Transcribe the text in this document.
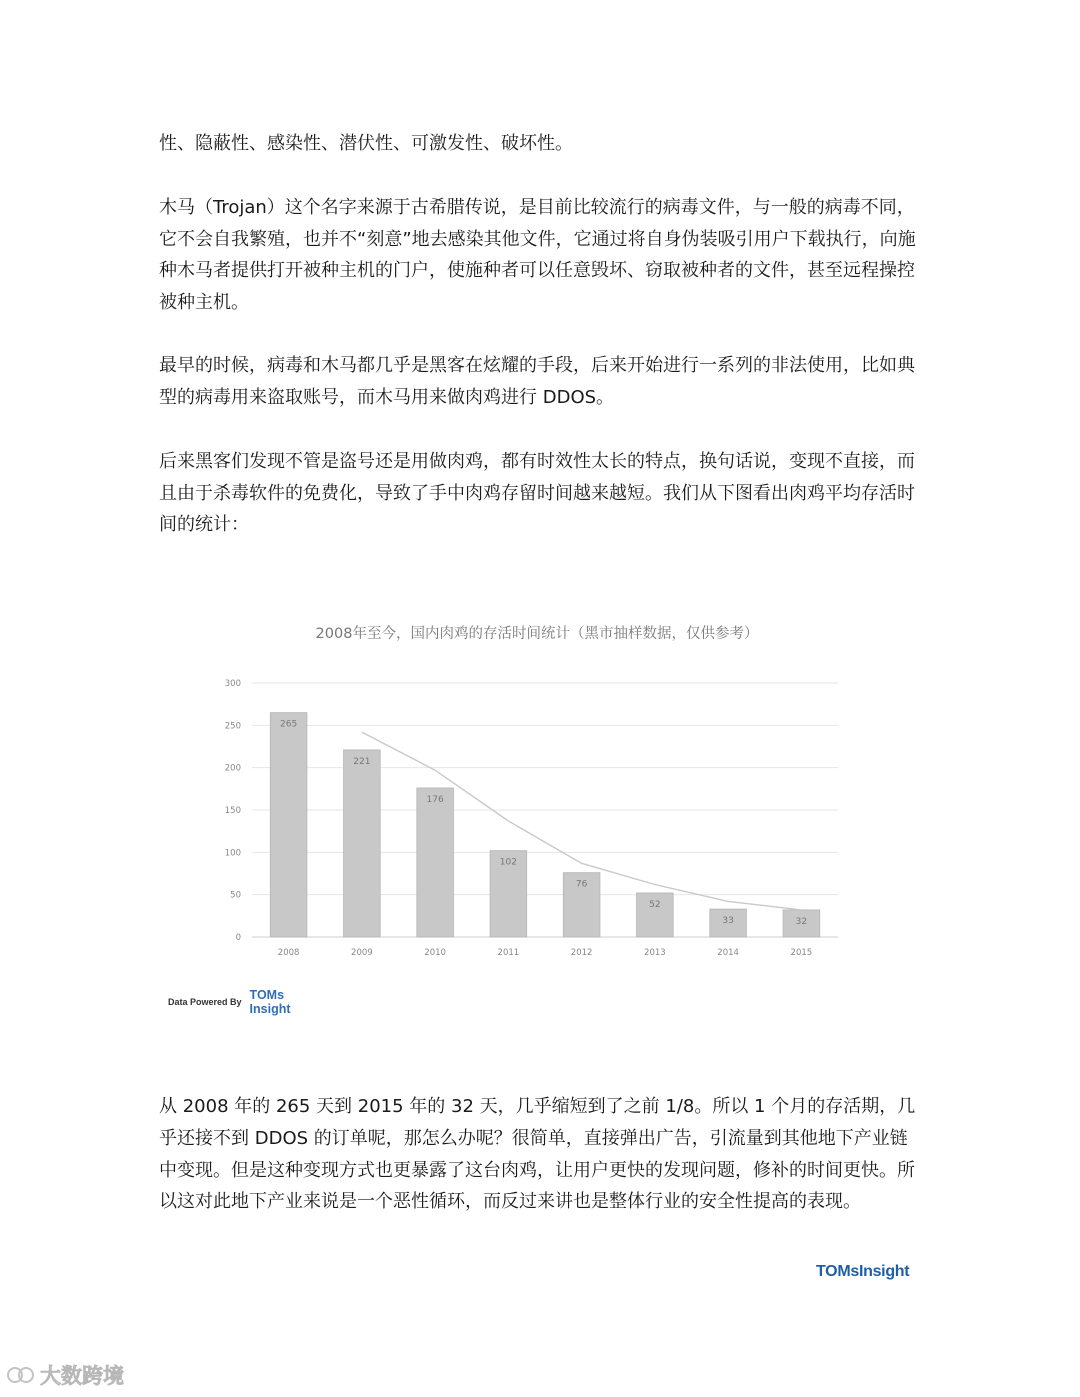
性、隐蔽性、感染性、潜伏性、可激发性、破坏性。

木马（Trojan）这个名字来源于古希腊传说，是目前比较流行的病毒文件，与一般的病毒不同，它不会自我繁殖，也并不“刻意”地去感染其他文件，它通过将自身伪装吸引用户下载执行，向施种木马者提供打开被种主机的门户，使施种者可以任意毁坏、窃取被种者的文件，甚至远程操控被种主机。

最早的时候，病毒和木马都几乎是黑客在炫耀的手段，后来开始进行一系列的非法使用，比如典型的病毒用来盗取账号，而木马用来做肉鸡进行 DDOS。

后来黑客们发现不管是盗号还是用做肉鸡，都有时效性太长的特点，换句话说，变现不直接，而且由于杀毒软件的免费化，导致了手中肉鸡存留时间越来越短。我们从下图看出肉鸡平均存活时间的统计：

2008年至今，国内肉鸡的存活时间统计（黑市抽样数据，仅供参考）
0
50
100
150
200
250
300
265
221
176
102
76
52
33	32
2008	2009	2010	2011	2012	2013	2014	2015
Data Powered By TOMs
Insight

从 2008 年的 265 天到 2015 年的 32 天，几乎缩短到了之前 1/8。所以 1 个月的存活期，几乎还接不到 DDOS 的订单呢，那怎么办呢？很简单，直接弹出广告，引流量到其他地下产业链中变现。但是这种变现方式也更暴露了这台肉鸡，让用户更快的发现问题，修补的时间更快。所以这对此地下产业来说是一个恶性循环，而反过来讲也是整体行业的安全性提高的表现。

TOMsInsight
大数跨境
